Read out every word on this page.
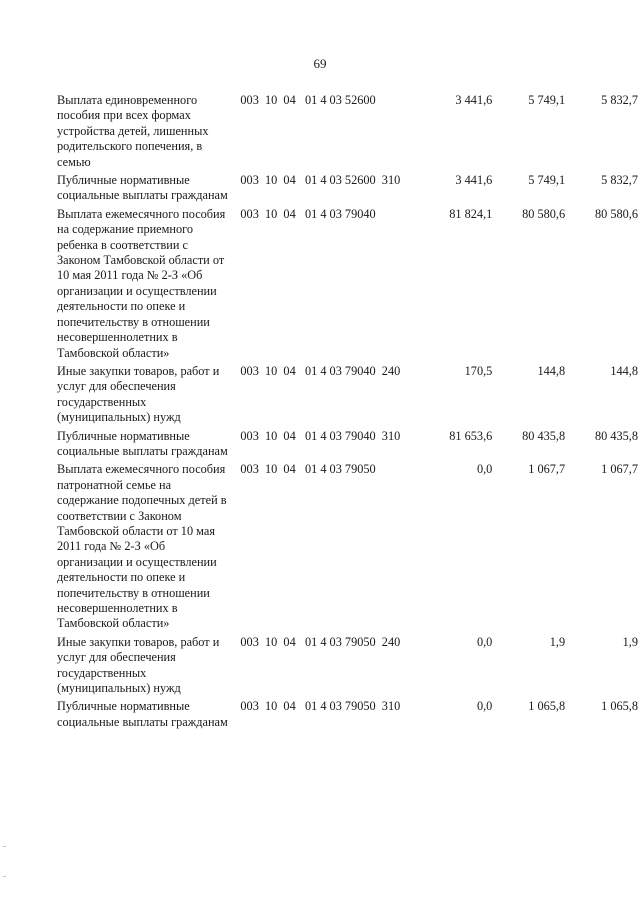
69
Выплата единовременного пособия при всех формах устройства детей, лишенных родительского попечения, в семью	003  10  04   01 4 03 52600	3 441,6	5 749,1	5 832,7

Публичные нормативные социальные выплаты гражданам	003  10  04   01 4 03 52600  310	3 441,6	5 749,1	5 832,7

Выплата ежемесячного пособия на содержание приемного ребенка в соответствии с Законом Тамбовской области от 10 мая 2011 года № 2-З «Об организации и осуществлении деятельности по опеке и попечительству в отношении несовершеннолетних в Тамбовской области»	003  10  04   01 4 03 79040	81 824,1	80 580,6	80 580,6

Иные закупки товаров, работ и услуг для обеспечения государственных (муниципальных) нужд	003  10  04   01 4 03 79040  240	170,5	144,8	144,8

Публичные нормативные социальные выплаты гражданам	003  10  04   01 4 03 79040  310	81 653,6	80 435,8	80 435,8

Выплата ежемесячного пособия патронатной семье на содержание подопечных детей в соответствии с Законом Тамбовской области от 10 мая 2011 года № 2-З «Об организации и осуществлении деятельности по опеке и попечительству в отношении несовершеннолетних в Тамбовской области»	003  10  04   01 4 03 79050	0,0	1 067,7	1 067,7

Иные закупки товаров, работ и услуг для обеспечения государственных (муниципальных) нужд	003  10  04   01 4 03 79050  240	0,0	1,9	1,9

Публичные нормативные социальные выплаты гражданам	003  10  04   01 4 03 79050  310	0,0	1 065,8	1 065,8
